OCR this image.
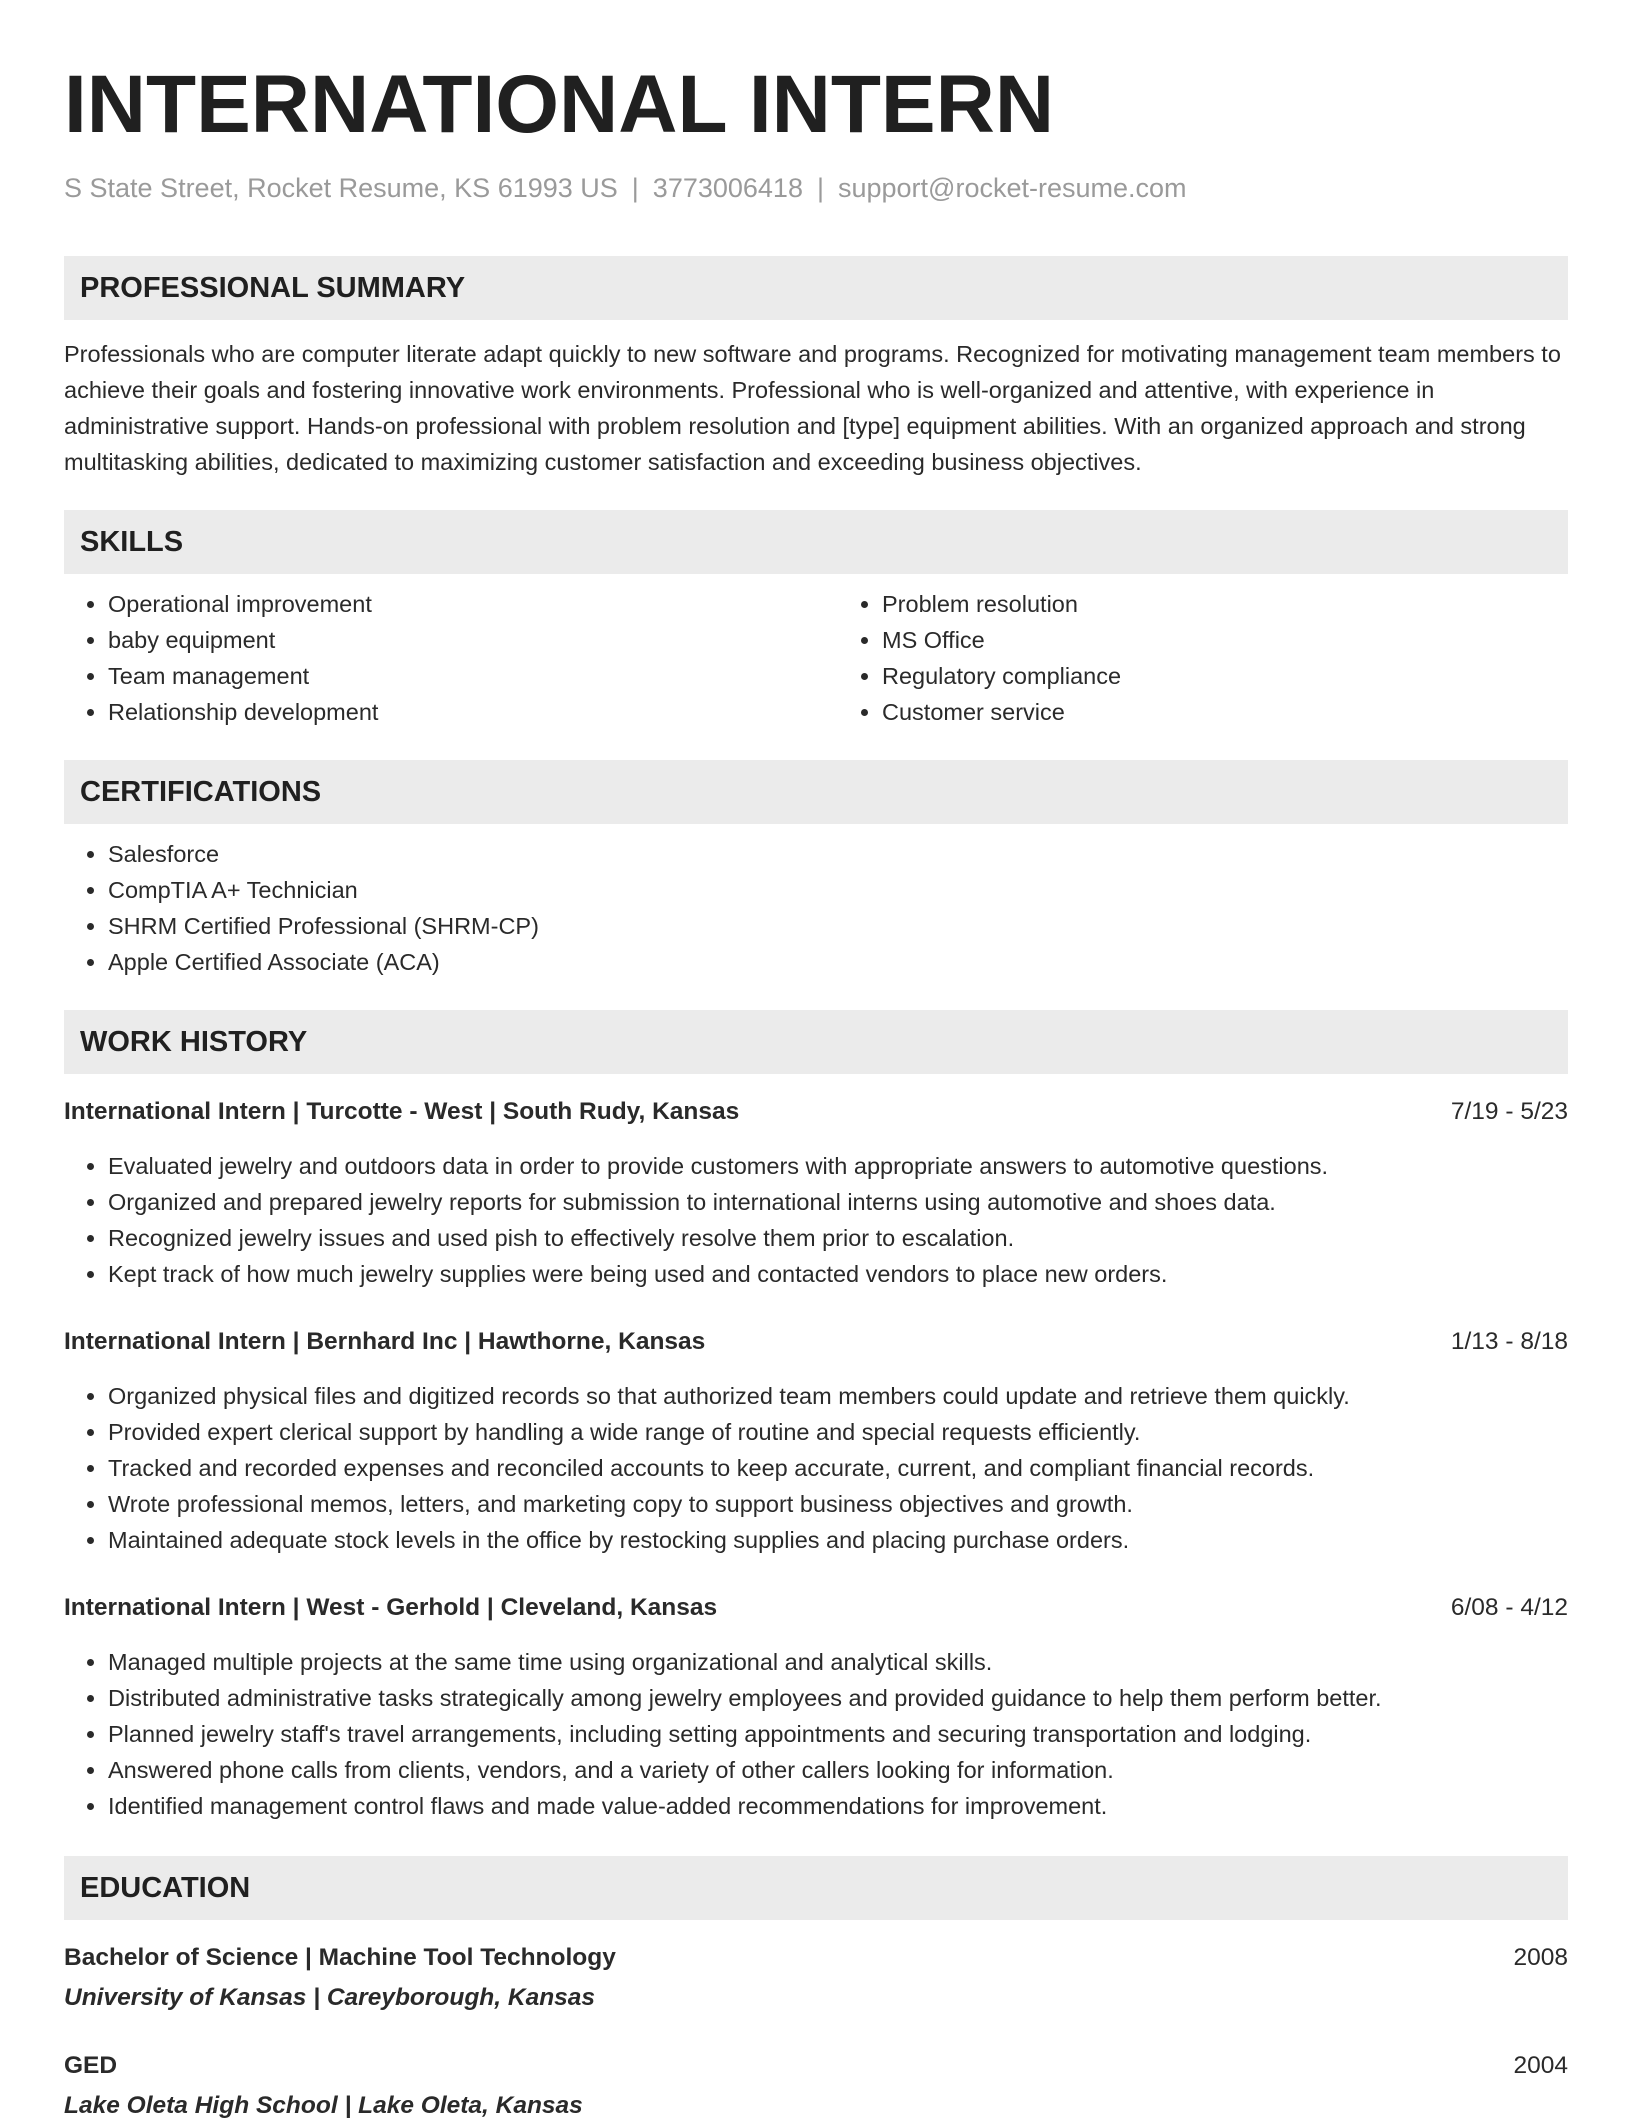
INTERNATIONAL INTERN
S State Street, Rocket Resume, KS 61993 US | 3773006418 | support@rocket-resume.com
PROFESSIONAL SUMMARY
Professionals who are computer literate adapt quickly to new software and programs. Recognized for motivating management team members to achieve their goals and fostering innovative work environments. Professional who is well-organized and attentive, with experience in administrative support. Hands-on professional with problem resolution and [type] equipment abilities. With an organized approach and strong multitasking abilities, dedicated to maximizing customer satisfaction and exceeding business objectives.
SKILLS
• Operational improvement
• baby equipment
• Team management
• Relationship development
• Problem resolution
• MS Office
• Regulatory compliance
• Customer service
CERTIFICATIONS
• Salesforce
• CompTIA A+ Technician
• SHRM Certified Professional (SHRM-CP)
• Apple Certified Associate (ACA)
WORK HISTORY
International Intern | Turcotte - West | South Rudy, Kansas	7/19 - 5/23
• Evaluated jewelry and outdoors data in order to provide customers with appropriate answers to automotive questions.
• Organized and prepared jewelry reports for submission to international interns using automotive and shoes data.
• Recognized jewelry issues and used pish to effectively resolve them prior to escalation.
• Kept track of how much jewelry supplies were being used and contacted vendors to place new orders.
International Intern | Bernhard Inc | Hawthorne, Kansas	1/13 - 8/18
• Organized physical files and digitized records so that authorized team members could update and retrieve them quickly.
• Provided expert clerical support by handling a wide range of routine and special requests efficiently.
• Tracked and recorded expenses and reconciled accounts to keep accurate, current, and compliant financial records.
• Wrote professional memos, letters, and marketing copy to support business objectives and growth.
• Maintained adequate stock levels in the office by restocking supplies and placing purchase orders.
International Intern | West - Gerhold | Cleveland, Kansas	6/08 - 4/12
• Managed multiple projects at the same time using organizational and analytical skills.
• Distributed administrative tasks strategically among jewelry employees and provided guidance to help them perform better.
• Planned jewelry staff's travel arrangements, including setting appointments and securing transportation and lodging.
• Answered phone calls from clients, vendors, and a variety of other callers looking for information.
• Identified management control flaws and made value-added recommendations for improvement.
EDUCATION
Bachelor of Science | Machine Tool Technology	2008
University of Kansas | Careyborough, Kansas
GED	2004
Lake Oleta High School | Lake Oleta, Kansas
